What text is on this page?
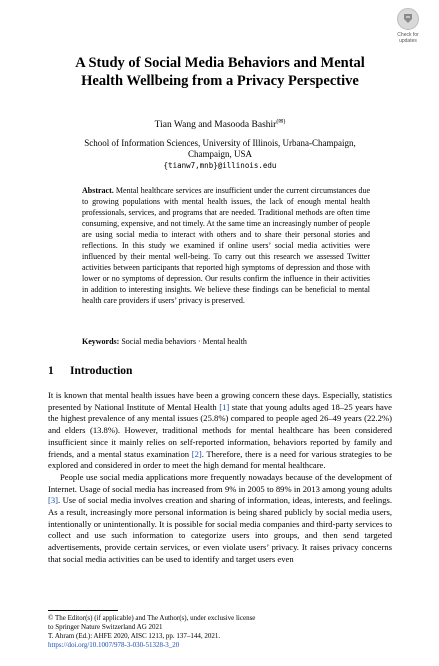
Check for
updates
A Study of Social Media Behaviors and Mental
Health Wellbeing from a Privacy Perspective
Tian Wang and Masooda Bashir(✉)
School of Information Sciences, University of Illinois, Urbana-Champaign,
Champaign, USA
{tianw7,mnb}@illinois.edu
Abstract. Mental healthcare services are insufficient under the current circumstances due to growing populations with mental health issues, the lack of enough mental health professionals, services, and programs that are needed. Traditional methods are often time consuming, expensive, and not timely. At the same time an increasingly number of people are using social media to interact with others and to share their personal stories and reflections. In this study we examined if online users’ social media activities were influenced by their mental well-being. To carry out this research we assessed Twitter activities between participants that reported high symptoms of depression and those with lower or no symptoms of depression. Our results confirm the influence in their activities in addition to interesting insights. We believe these findings can be beneficial to mental health care providers if users’ privacy is preserved.
Keywords: Social media behaviors · Mental health
1 Introduction

It is known that mental health issues have been a growing concern these days. Especially, statistics presented by National Institute of Mental Health [1] state that young adults aged 18–25 years have the highest prevalence of any mental issues (25.8%) compared to people aged 26–49 years (22.2%) and elders (13.8%). However, traditional methods for mental healthcare has been considered insufficient since it mainly relies on self-reported information, behaviors reported by family and friends, and a mental status examination [2]. Therefore, there is a need for various strategies to be explored and considered in order to meet the high demand for mental healthcare.

People use social media applications more frequently nowadays because of the development of Internet. Usage of social media has increased from 9% in 2005 to 89% in 2013 among young adults [3]. Use of social media involves creation and sharing of information, ideas, interests, and feelings. As a result, increasingly more personal information is being shared publicly by social media users, intentionally or unintentionally. It is possible for social media companies and third-party services to collect and use such information to categorize users into groups, and then send targeted advertisements, provide certain services, or even violate users’ privacy. It raises privacy concerns that social media activities can be used to identify and target users even

© The Editor(s) (if applicable) and The Author(s), under exclusive license
to Springer Nature Switzerland AG 2021
T. Ahram (Ed.): AHFE 2020, AISC 1213, pp. 137–144, 2021.
https://doi.org/10.1007/978-3-030-51328-3_20
